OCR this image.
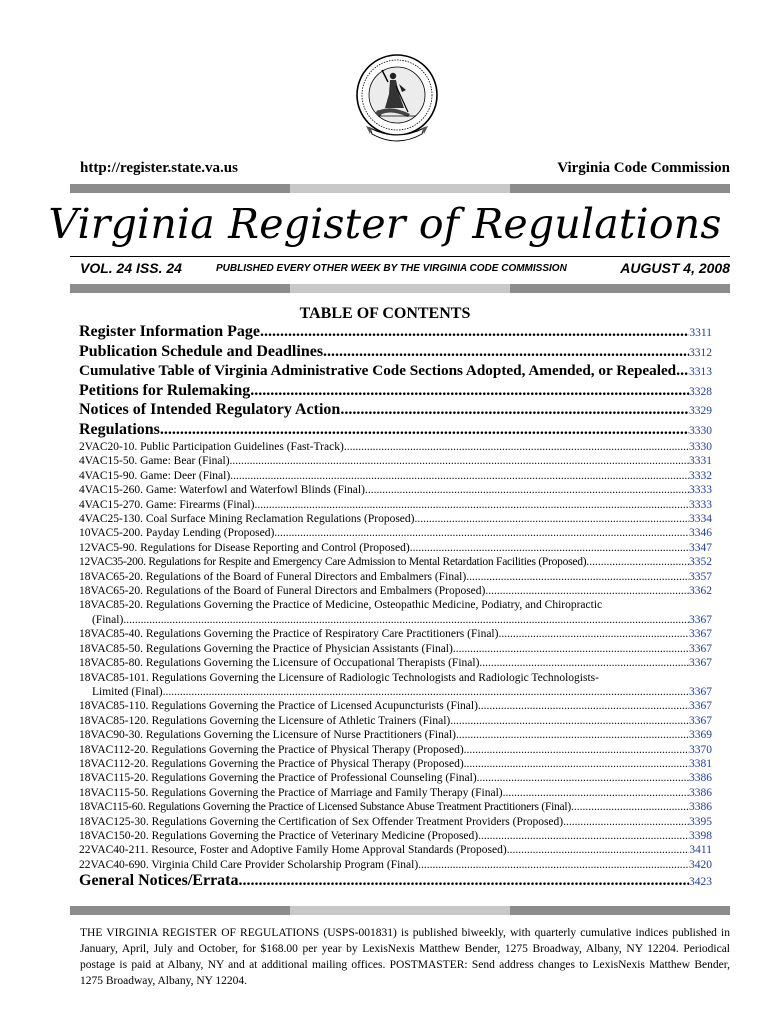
http://register.state.va.us	Virginia Code Commission
Virginia Register of Regulations
VOL. 24 ISS. 24	PUBLISHED EVERY OTHER WEEK BY THE VIRGINIA CODE COMMISSION	AUGUST 4, 2008
TABLE OF CONTENTS
Register Information Page .....	3311
Publication Schedule and Deadlines .....	3312
Cumulative Table of Virginia Administrative Code Sections Adopted, Amended, or Repealed ..... 3313
Petitions for Rulemaking .....	3328
Notices of Intended Regulatory Action .....	3329
Regulations .....	3330
2VAC20-10. Public Participation Guidelines (Fast-Track) .....	3330
4VAC15-50. Game: Bear (Final) .....	3331
4VAC15-90. Game: Deer (Final) .....	3332
4VAC15-260. Game: Waterfowl and Waterfowl Blinds (Final) .....	3333
4VAC15-270. Game: Firearms (Final) .....	3333
4VAC25-130. Coal Surface Mining Reclamation Regulations (Proposed) .....	3334
10VAC5-200. Payday Lending (Proposed) .....	3346
12VAC5-90. Regulations for Disease Reporting and Control (Proposed) .....	3347
12VAC35-200. Regulations for Respite and Emergency Care Admission to Mental Retardation Facilities (Proposed) .....	3352
18VAC65-20. Regulations of the Board of Funeral Directors and Embalmers (Final) .....	3357
18VAC65-20. Regulations of the Board of Funeral Directors and Embalmers (Proposed) .....	3362
18VAC85-20. Regulations Governing the Practice of Medicine, Osteopathic Medicine, Podiatry, and Chiropractic
(Final) .....	3367
18VAC85-40. Regulations Governing the Practice of Respiratory Care Practitioners (Final) .....	3367
18VAC85-50. Regulations Governing the Practice of Physician Assistants (Final) .....	3367
18VAC85-80. Regulations Governing the Licensure of Occupational Therapists (Final) .....	3367
18VAC85-101. Regulations Governing the Licensure of Radiologic Technologists and Radiologic Technologists-
Limited (Final) .....	3367
18VAC85-110. Regulations Governing the Practice of Licensed Acupuncturists (Final) .....	3367
18VAC85-120. Regulations Governing the Licensure of Athletic Trainers (Final) .....	3367
18VAC90-30. Regulations Governing the Licensure of Nurse Practitioners (Final) .....	3369
18VAC112-20. Regulations Governing the Practice of Physical Therapy (Proposed) .....	3370
18VAC112-20. Regulations Governing the Practice of Physical Therapy (Proposed) .....	3381
18VAC115-20. Regulations Governing the Practice of Professional Counseling (Final) .....	3386
18VAC115-50. Regulations Governing the Practice of Marriage and Family Therapy (Final) .....	3386
18VAC115-60. Regulations Governing the Practice of Licensed Substance Abuse Treatment Practitioners (Final) .....	3386
18VAC125-30. Regulations Governing the Certification of Sex Offender Treatment Providers (Proposed) .....	3395
18VAC150-20. Regulations Governing the Practice of Veterinary Medicine (Proposed) .....	3398
22VAC40-211. Resource, Foster and Adoptive Family Home Approval Standards (Proposed) .....	3411
22VAC40-690. Virginia Child Care Provider Scholarship Program (Final) .....	3420
General Notices/Errata .....	3423
THE VIRGINIA REGISTER OF REGULATIONS (USPS-001831) is published biweekly, with quarterly cumulative indices published in January, April, July and October, for $168.00 per year by LexisNexis Matthew Bender, 1275 Broadway, Albany, NY 12204. Periodical postage is paid at Albany, NY and at additional mailing offices. POSTMASTER: Send address changes to LexisNexis Matthew Bender, 1275 Broadway, Albany, NY 12204.
